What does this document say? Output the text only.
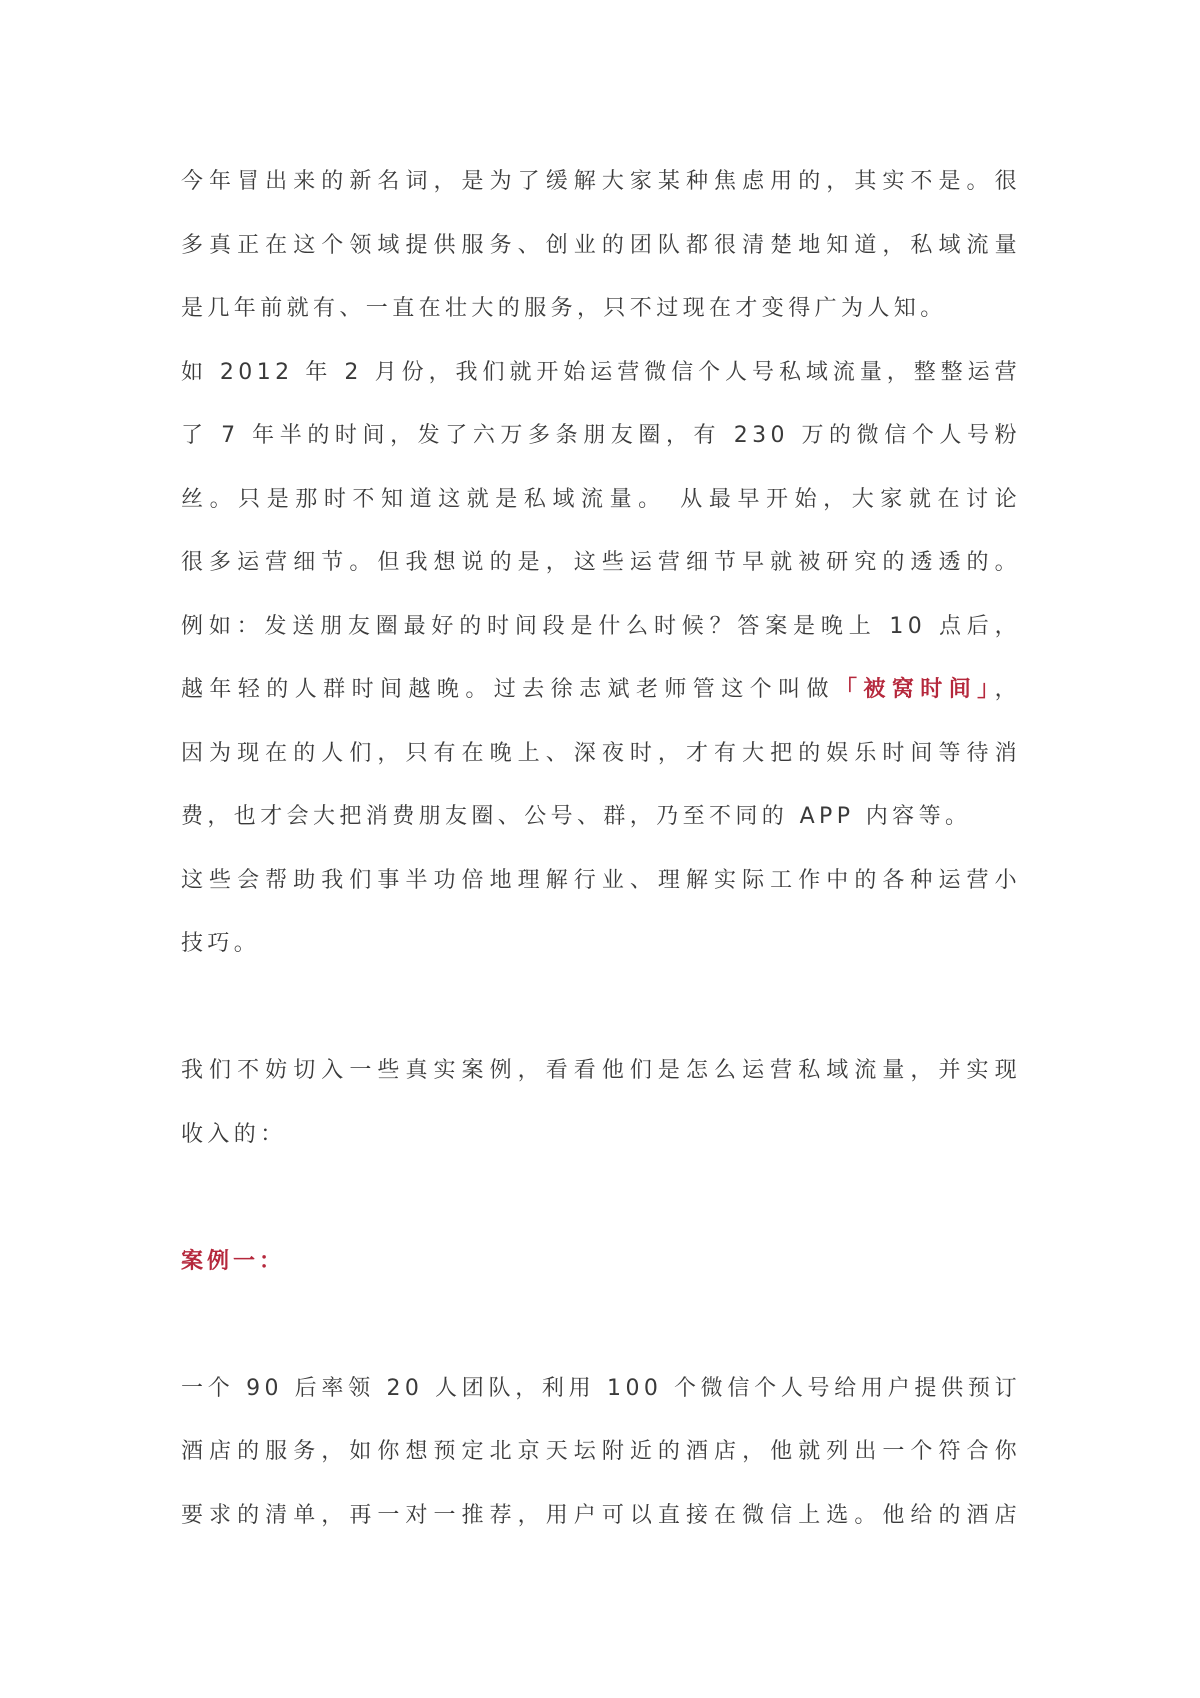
今年冒出来的新名词，是为了缓解大家某种焦虑用的，其实不是。很
多真正在这个领域提供服务、创业的团队都很清楚地知道，私域流量
是几年前就有、一直在壮大的服务，只不过现在才变得广为人知。
如 2012 年 2 月份，我们就开始运营微信个人号私域流量，整整运营
了 7 年半的时间，发了六万多条朋友圈，有 230 万的微信个人号粉
丝。只是那时不知道这就是私域流量。 从最早开始，大家就在讨论
很多运营细节。但我想说的是，这些运营细节早就被研究的透透的。
例如：发送朋友圈最好的时间段是什么时候？答案是晚上 10 点后，
越年轻的人群时间越晚。过去徐志斌老师管这个叫做「被窝时间」，
因为现在的人们，只有在晚上、深夜时，才有大把的娱乐时间等待消
费，也才会大把消费朋友圈、公号、群，乃至不同的 APP 内容等。
这些会帮助我们事半功倍地理解行业、理解实际工作中的各种运营小
技巧。
我们不妨切入一些真实案例，看看他们是怎么运营私域流量，并实现
收入的：
案例一：
一个 90 后率领 20 人团队，利用 100 个微信个人号给用户提供预订
酒店的服务，如你想预定北京天坛附近的酒店，他就列出一个符合你
要求的清单，再一对一推荐，用户可以直接在微信上选。他给的酒店
